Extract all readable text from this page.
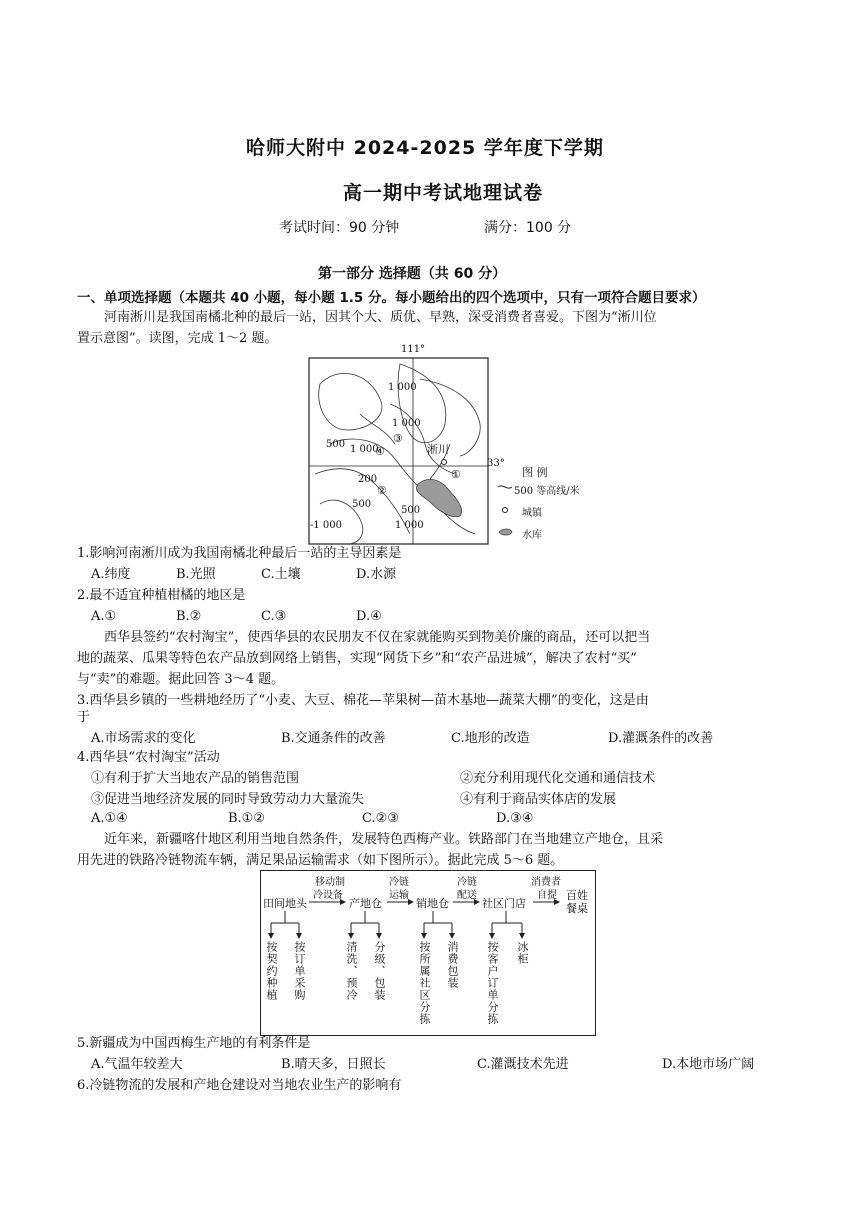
哈师大附中 2024-2025 学年度下学期
高一期中考试地理试卷
考试时间：90 分钟	满分：100 分
第一部分 选择题（共 60 分）
一、单项选择题（本题共 40 小题，每小题 1.5 分。每小题给出的四个选项中，只有一项符合题目要求）
河南淅川是我国南橘北种的最后一站，因其个大、质优、早熟，深受消费者喜爱。下图为“淅川位
置示意图”。读图，完成 1～2 题。
111°
33°
1 000
1 000
1 000
500
200
500
500
1 000
-1 000
①
②
③
④	淅川
图 例
500 等高线/米
城镇
水库
1.影响河南淅川成为我国南橘北种最后一站的主导因素是
A.纬度	B.光照	C.土壤	D.水源
2.最不适宜种植柑橘的地区是
A.①	B.②	C.③	D.④
西华县签约“农村淘宝”，使西华县的农民朋友不仅在家就能购买到物美价廉的商品，还可以把当
地的蔬菜、瓜果等特色农产品放到网络上销售，实现“网货下乡”和“农产品进城”，解决了农村“买”
与“卖”的难题。据此回答 3～4 题。
3.西华县乡镇的一些耕地经历了“小麦、大豆、棉花—苹果树—苗木基地—蔬菜大棚”的变化，这是由
于
A.市场需求的变化	B.交通条件的改善	C.地形的改造	D.灌溉条件的改善
4.西华县“农村淘宝”活动
①有利于扩大当地农产品的销售范围	②充分利用现代化交通和通信技术
③促进当地经济发展的同时导致劳动力大量流失	④有利于商品实体店的发展
A.①④	B.①②	C.②③	D.③④
近年来，新疆喀什地区利用当地自然条件，发展特色西梅产业。铁路部门在当地建立产地仓，且采
用先进的铁路冷链物流车辆，满足果品运输需求（如下图所示）。据此完成 5～6 题。
田间地头	产地仓	销地仓	社区门店
百姓餐桌
移动制
冷设备
冷链
运输
冷链
配送
消费者
自提
按契约种植 按订单采购	清洗、预冷 分级、包装	按所属社区分拣 消费包装 按客户订单分拣 冰柜
5.新疆成为中国西梅生产地的有利条件是
A.气温年较差大	B.晴天多，日照长	C.灌溉技术先进	D.本地市场广阔
6.冷链物流的发展和产地仓建设对当地农业生产的影响有
